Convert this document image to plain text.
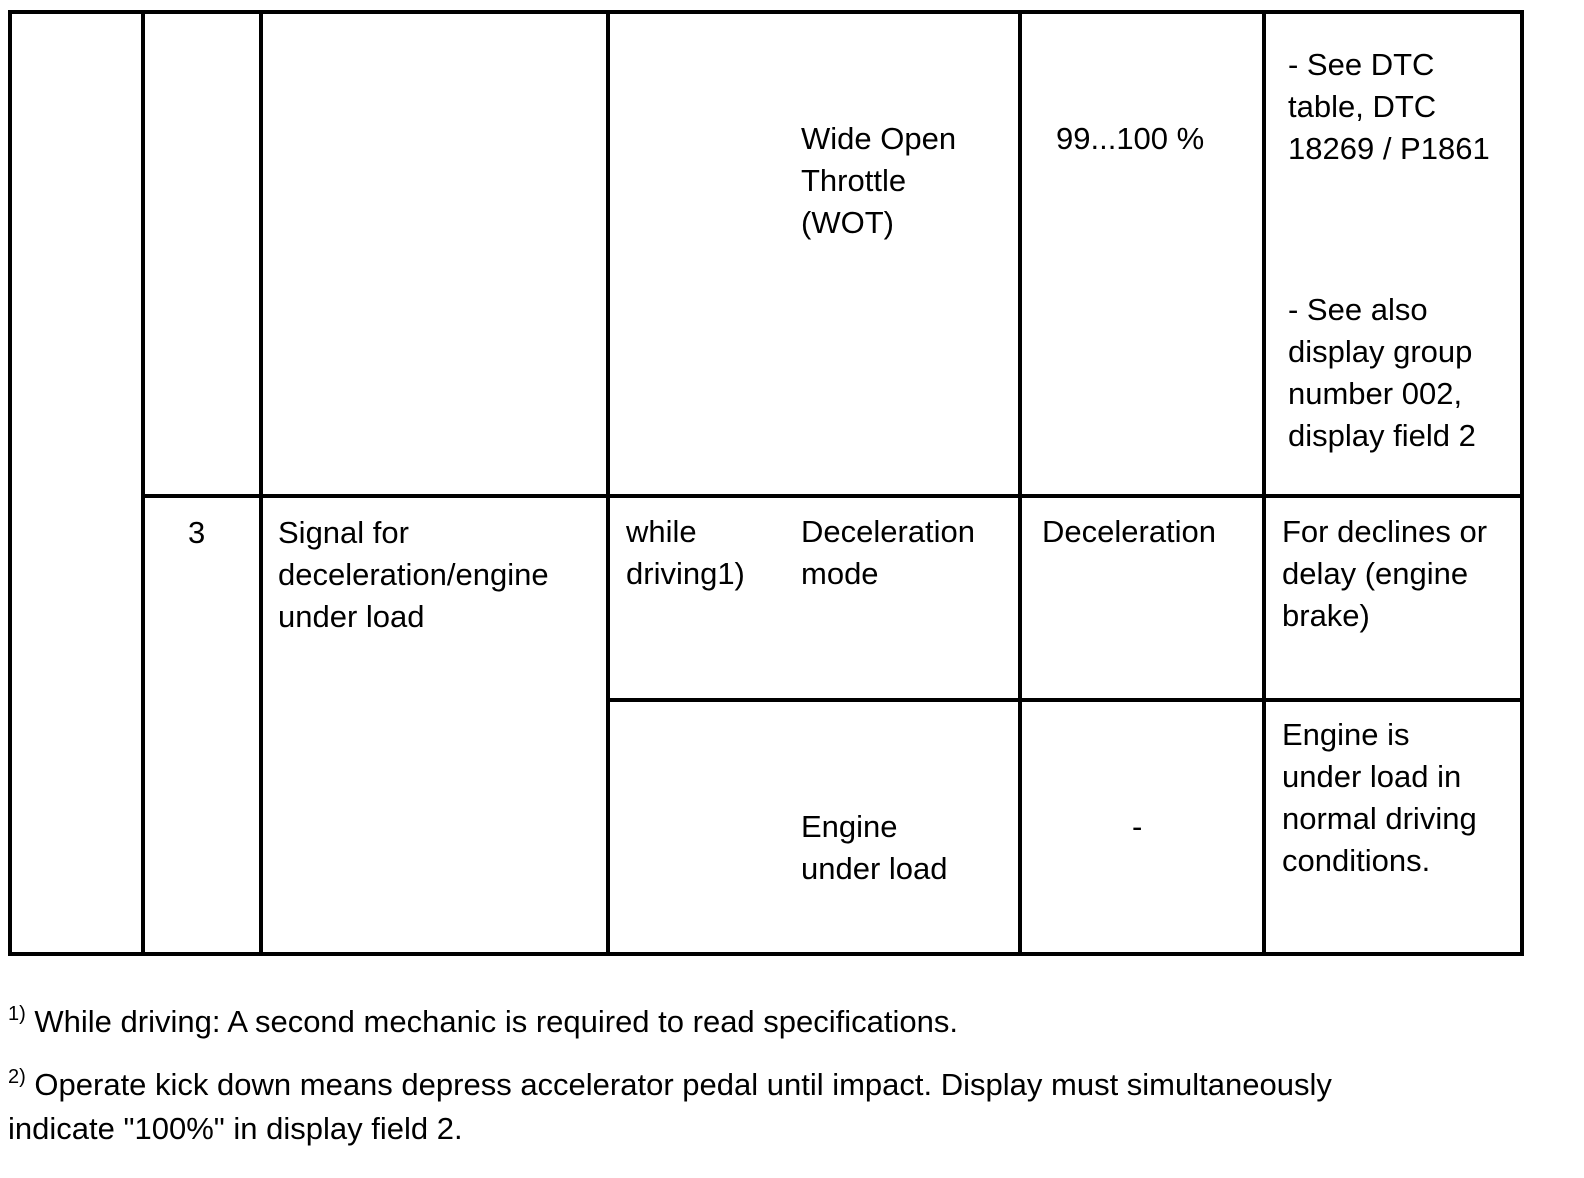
Wide Open
Throttle
(WOT)
99...100 %
- See DTC
table, DTC
18269 / P1861
- See also
display group
number 002,
display field 2
3 Signal for
deceleration/engine
under load
while
driving1)
Deceleration
mode
Deceleration For declines or
delay (engine
brake)
Engine
under load
-
Engine is
under load in
normal driving
conditions.
$^{1)}$ While driving: A second mechanic is required to read specifications.
$^{2)}$ Operate kick down means depress accelerator pedal until impact. Display must simultaneously
indicate "100%" in display field 2.
